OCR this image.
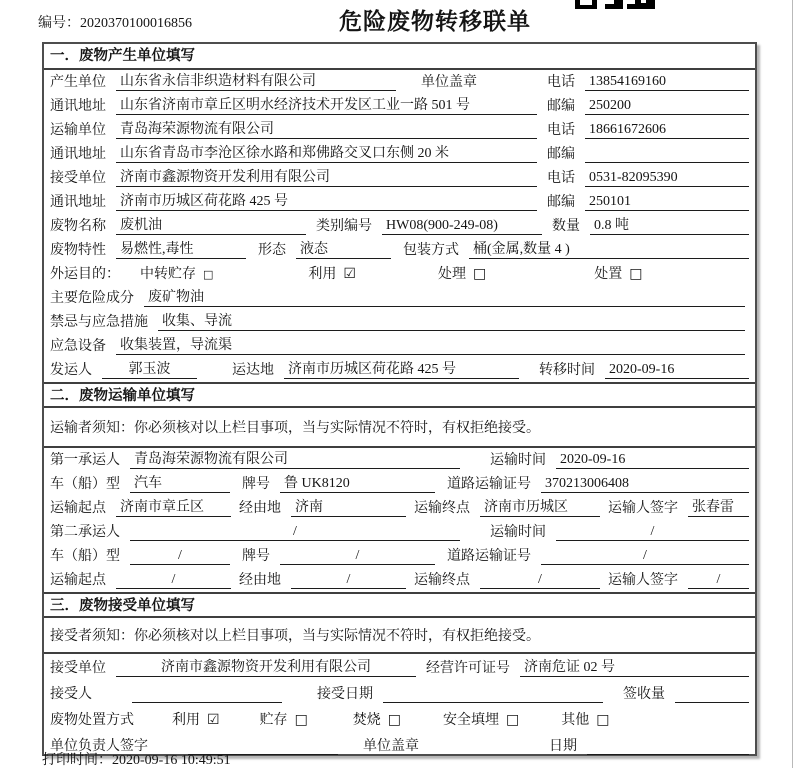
编号：2020370100016856	危险废物转移联单
一．废物产生单位填写
产生单位 山东省永信非织造材料有限公司	单位盖章	电话 13854169160
通讯地址 山东省济南市章丘区明水经济技术开发区工业一路 501 号	邮编 250200
运输单位 青岛海荣源物流有限公司	电话 18661672606
通讯地址 山东省青岛市李沧区徐水路和郑佛路交叉口东侧 20 米	邮编
接受单位 济南市鑫源物资开发利用有限公司	电话 0531-82095390
通讯地址 济南市历城区荷花路 425 号	邮编 250101
废物名称 废机油	类别编号 HW08(900-249-08)	数量 0.8 吨
废物特性 易燃性,毒性	形态 液态	包装方式 桶(金属,数量 4 )
外运目的： 中转贮存 □	利用 ☑	处理 □	处置 □
主要危险成分 废矿物油
禁忌与应急措施 收集、导流
应急设备 收集装置，导流渠
发运人	郭玉波	运达地 济南市历城区荷花路 425 号	转移时间 2020-09-16
二．废物运输单位填写
运输者须知：你必须核对以上栏目事项，当与实际情况不符时，有权拒绝接受。
第一承运人 青岛海荣源物流有限公司	运输时间 2020-09-16
车（船）型 汽车	牌号 鲁 UK8120	道路运输证号 370213006408
运输起点 济南市章丘区	经由地 济南	运输终点 济南市历城区	运输人签字 张春雷
第二承运人	/	运输时间	/
车（船）型	/	牌号	/	道路运输证号	/
运输起点	/	经由地	/	运输终点	/	运输人签字	/
三．废物接受单位填写
接受者须知：你必须核对以上栏目事项，当与实际情况不符时，有权拒绝接受。
接受单位	济南市鑫源物资开发利用有限公司	经营许可证号 济南危证 02 号
接受人	接受日期	签收量
废物处置方式	利用 ☑	贮存 □	焚烧 □	安全填埋 □	其他 □
单位负责人签字	单位盖章	日期
打印时间：2020-09-16 10:49:51
